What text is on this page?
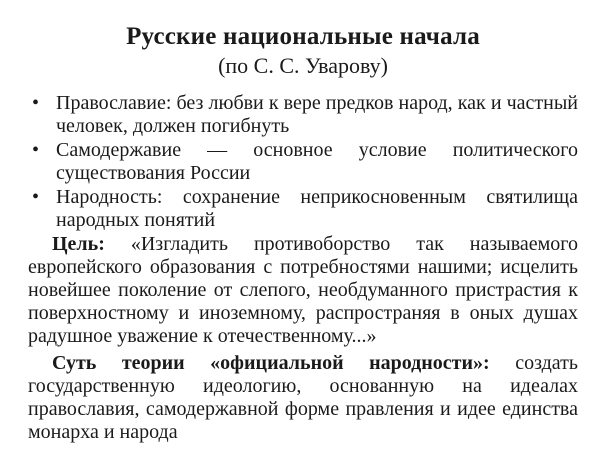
Русские национальные начала

(по С. С. Уварову)

• Православие: без любви к вере предков народ, как и частный человек, должен погибнуть
• Самодержавие — основное условие политического существования России
• Народность: сохранение неприкосновенным святилища народных понятий

Цель: «Изгладить противоборство так называемого европейского образования с потребностями нашими; исцелить новейшее поколение от слепого, необдуманного пристрастия к поверхностному и иноземному, распространяя в оных душах радушное уважение к отечественному...»

Суть теории «официальной народности»: создать государственную идеологию, основанную на идеалах православия, самодержавной форме правления и идее единства монарха и народа
